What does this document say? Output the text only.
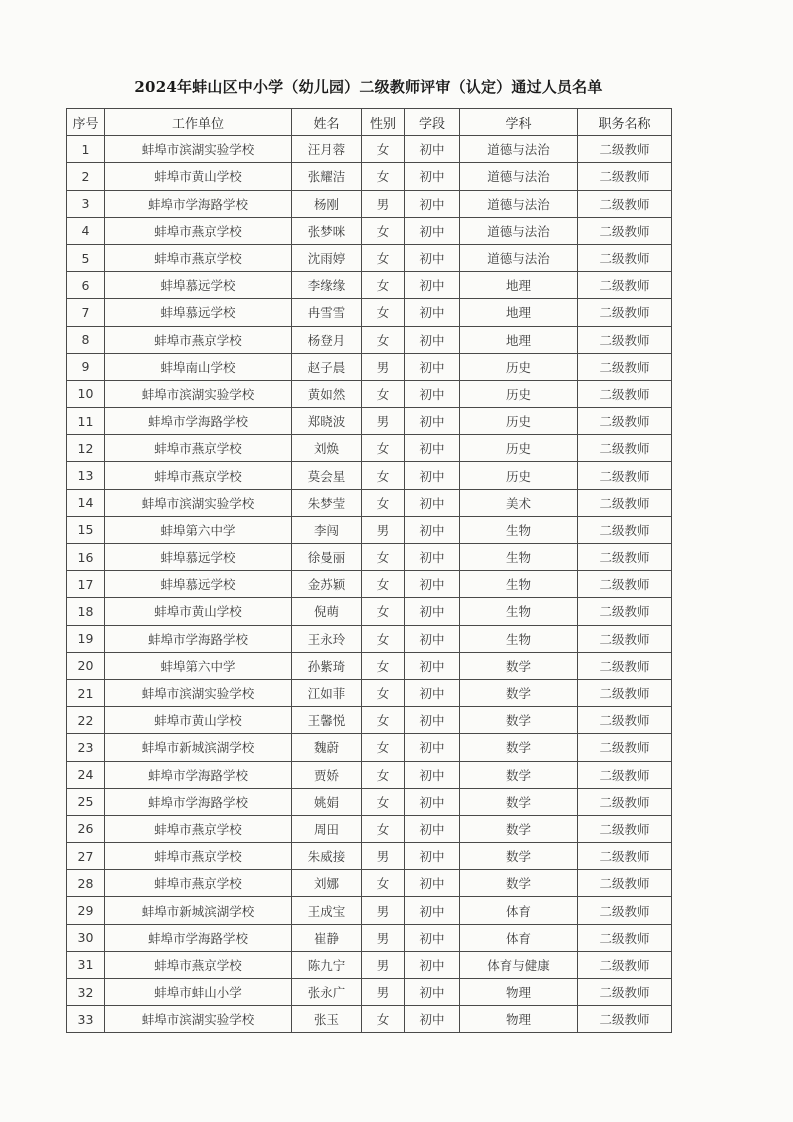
2024年蚌山区中小学（幼儿园）二级教师评审（认定）通过人员名单
序号	工作单位	姓名	性别	学段	学科	职务名称
1	蚌埠市滨湖实验学校	汪月蓉	女	初中	道德与法治	二级教师
2	蚌埠市黄山学校	张耀洁	女	初中	道德与法治	二级教师
3	蚌埠市学海路学校	杨刚	男	初中	道德与法治	二级教师
4	蚌埠市燕京学校	张梦咪	女	初中	道德与法治	二级教师
5	蚌埠市燕京学校	沈雨婷	女	初中	道德与法治	二级教师
6	蚌埠慕远学校	李缘缘	女	初中	地理	二级教师
7	蚌埠慕远学校	冉雪雪	女	初中	地理	二级教师
8	蚌埠市燕京学校	杨登月	女	初中	地理	二级教师
9	蚌埠南山学校	赵子晨	男	初中	历史	二级教师
10	蚌埠市滨湖实验学校	黄如然	女	初中	历史	二级教师
11	蚌埠市学海路学校	郑晓波	男	初中	历史	二级教师
12	蚌埠市燕京学校	刘焕	女	初中	历史	二级教师
13	蚌埠市燕京学校	莫会星	女	初中	历史	二级教师
14	蚌埠市滨湖实验学校	朱梦莹	女	初中	美术	二级教师
15	蚌埠第六中学	李闯	男	初中	生物	二级教师
16	蚌埠慕远学校	徐曼丽	女	初中	生物	二级教师
17	蚌埠慕远学校	金苏颖	女	初中	生物	二级教师
18	蚌埠市黄山学校	倪萌	女	初中	生物	二级教师
19	蚌埠市学海路学校	王永玲	女	初中	生物	二级教师
20	蚌埠第六中学	孙紫琦	女	初中	数学	二级教师
21	蚌埠市滨湖实验学校	江如菲	女	初中	数学	二级教师
22	蚌埠市黄山学校	王馨悦	女	初中	数学	二级教师
23	蚌埠市新城滨湖学校	魏蔚	女	初中	数学	二级教师
24	蚌埠市学海路学校	贾娇	女	初中	数学	二级教师
25	蚌埠市学海路学校	姚娟	女	初中	数学	二级教师
26	蚌埠市燕京学校	周田	女	初中	数学	二级教师
27	蚌埠市燕京学校	朱威接	男	初中	数学	二级教师
28	蚌埠市燕京学校	刘娜	女	初中	数学	二级教师
29	蚌埠市新城滨湖学校	王成宝	男	初中	体育	二级教师
30	蚌埠市学海路学校	崔静	男	初中	体育	二级教师
31	蚌埠市燕京学校	陈九宁	男	初中	体育与健康	二级教师
32	蚌埠市蚌山小学	张永广	男	初中	物理	二级教师
33	蚌埠市滨湖实验学校	张玉	女	初中	物理	二级教师
